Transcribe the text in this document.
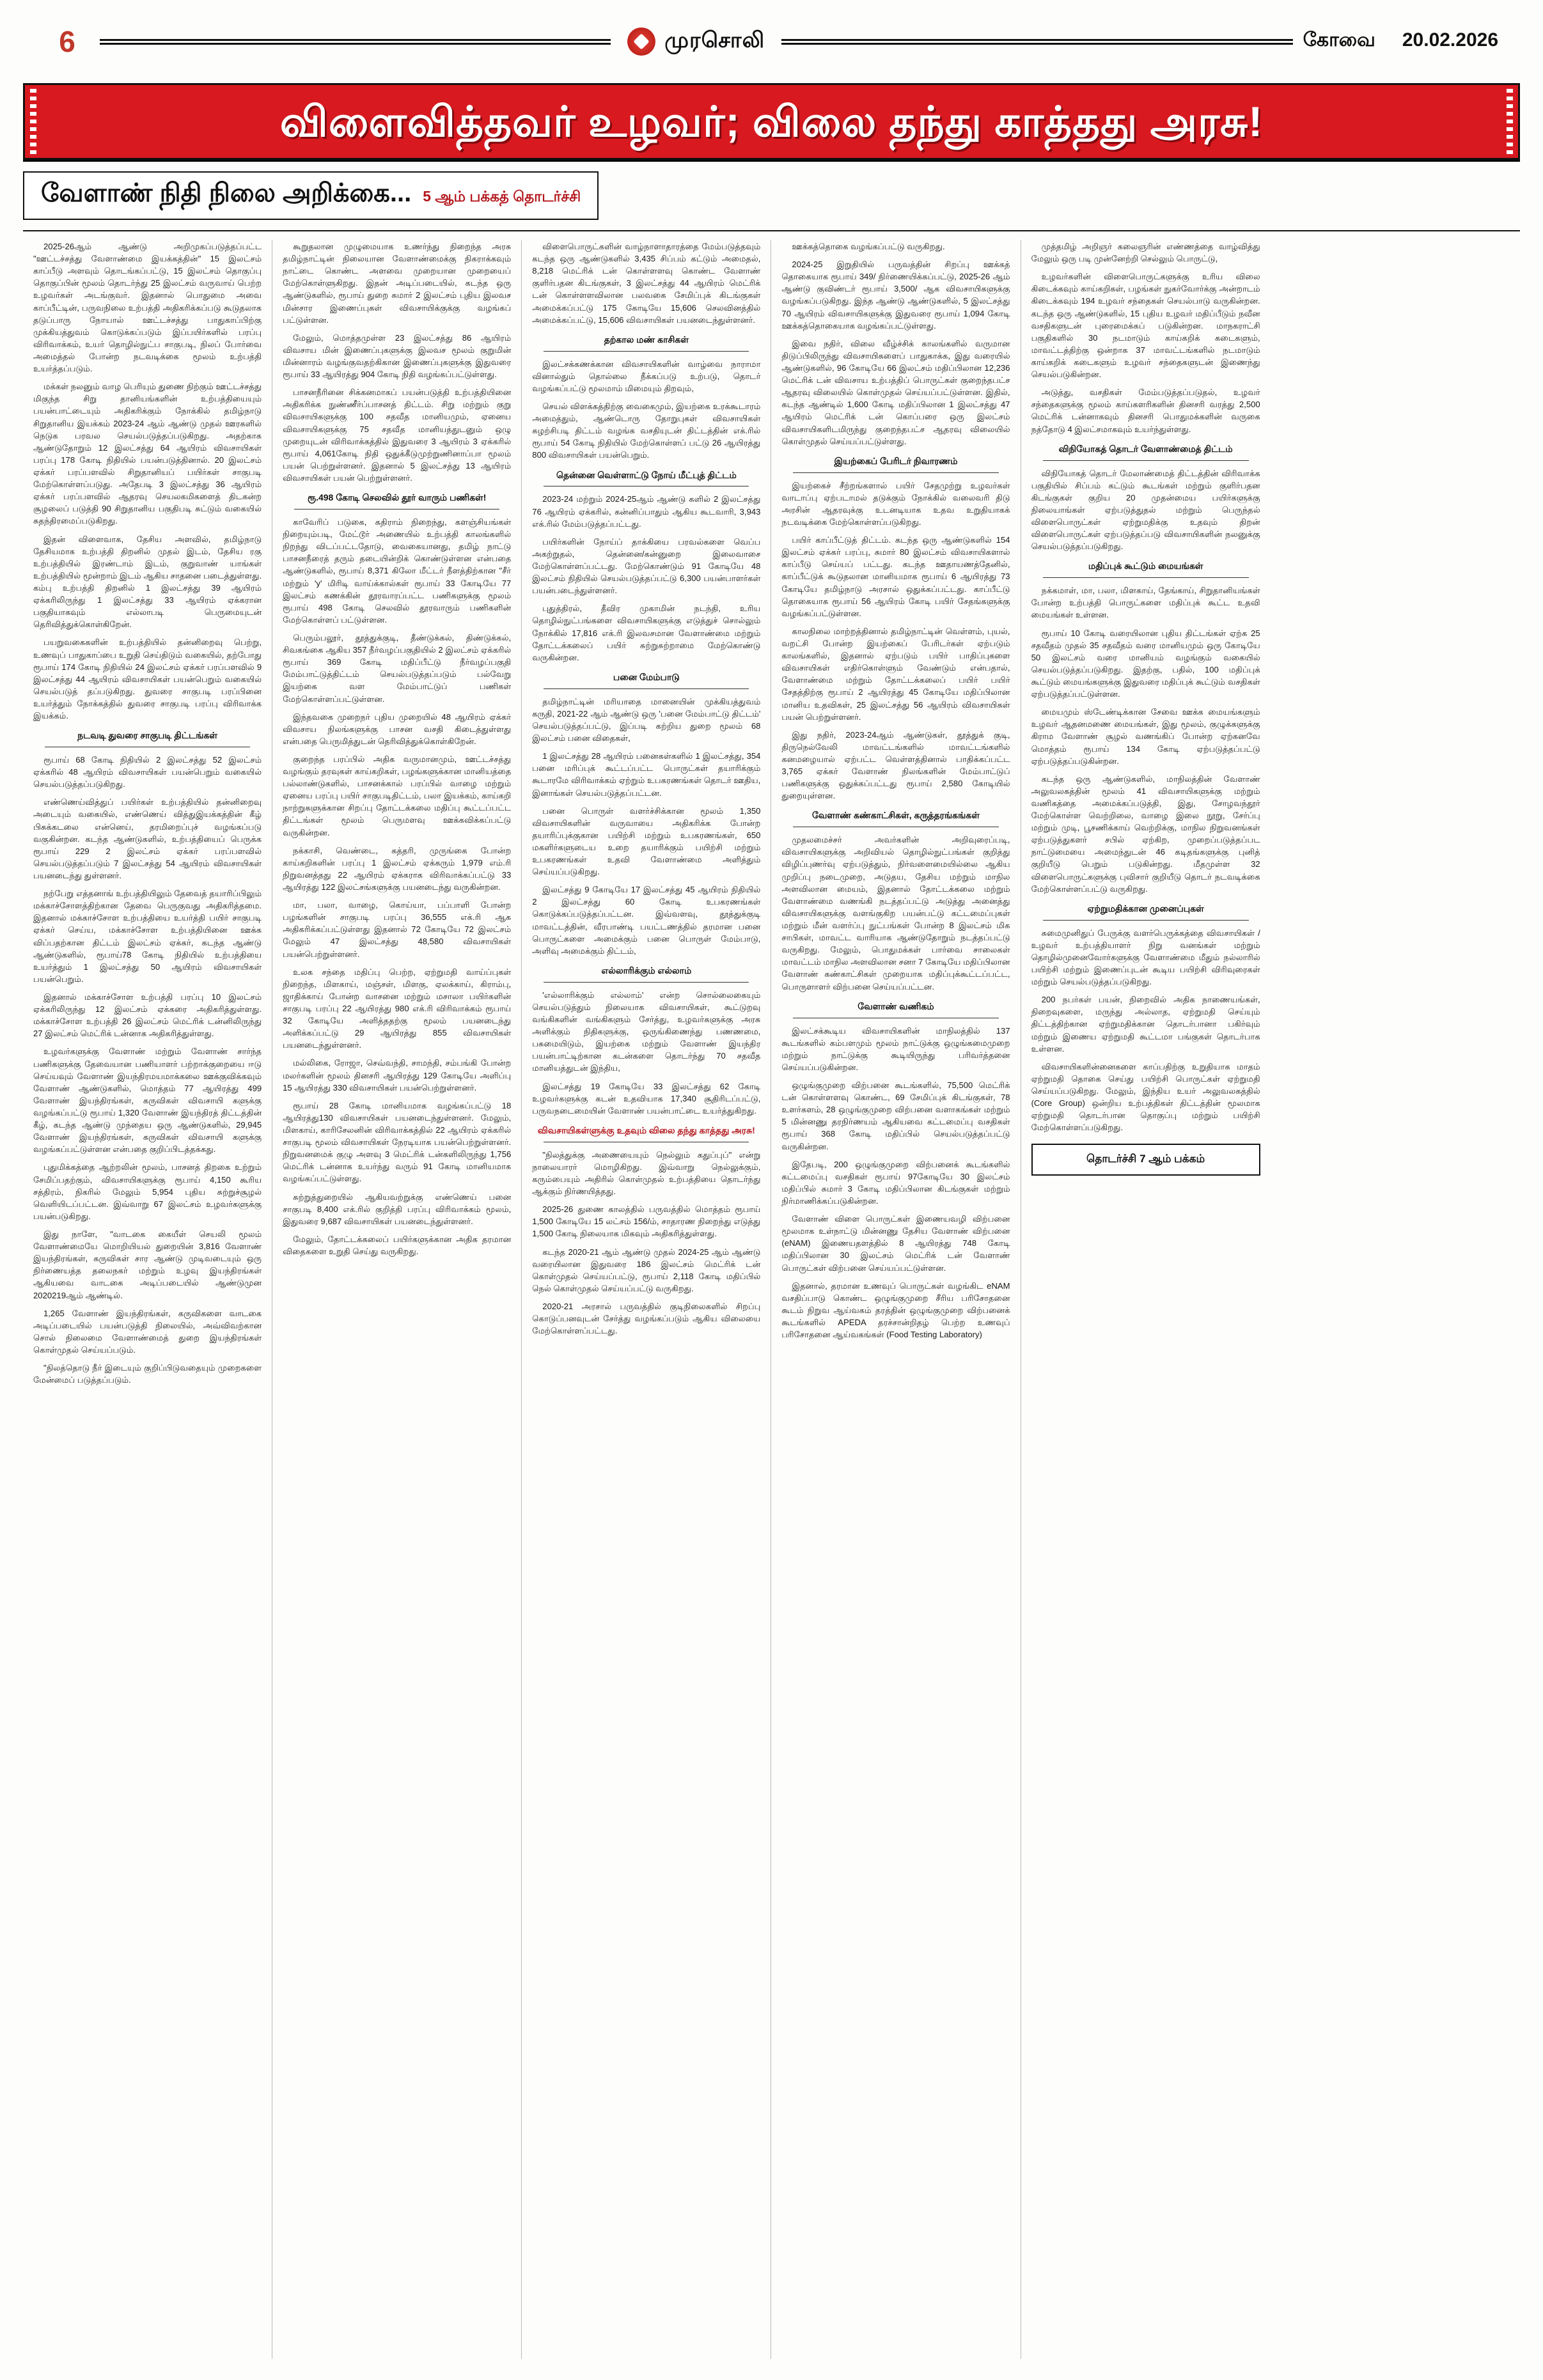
6	முரசொலி	கோவை 20.02.2026
விளைவித்தவர் உழவர்; விலை தந்து காத்தது அரசு!
வேளாண் நிதி நிலை அறிக்கை... 5 ஆம் பக்கத் தொடர்ச்சி

2025-26ஆம் ஆண்டு அறிமுகப்படுத்தப்பட்ட "ஊட்டச்சத்து வேளாண்மை இயக்கத்தின்" 15 இலட்சம் காப்பீடு அளவும் தொடங்கப்பட்டு, 15 இலட்சம் தொகுப்பு தொகுப்பின் மூலம் தொடர்ந்து 25 இலட்சம் வருவாய் பெற்ற உழவர்கள் அடங்குவர். இதனால் பொதுமை அவை காப்பீட்டின், பருவநிலை உற்பத்தி அதிகரிக்கப்படு கூடுதலாக தடுப்பாரு நோயால் ஊட்டச்சத்து பாதுகாப்பிற்கு முக்கியத்துவம் கொடுக்கப்படும் இப்பயிர்களில் பரப்பு விரிவாக்கம், உயர் தொழில்நுட்ப சாகுபடி, நிலப் போர்வை அமைத்தல் போன்ற நடவடிக்கை மூலம் உற்பத்தி உயர்த்தப்படும்.

மக்கள் நலனும் வாழ பெரியும் துணை நிற்கும் ஊட்டச்சத்து மிகுந்த சிறு தானியங்களின் உற்பத்தியையும் பயன்பாட்டையும் அதிகரிக்கும் நோக்கில் தமிழ்நாடு சிறுதானிய இயக்கம் 2023-24 ஆம் ஆண்டு முதல் ஊரகளில் நெடுக பரவல செயல்படுத்தப்படுகிறது. அதற்காக ஆண்டுதோறும் 12 இலட்சத்து 64 ஆயிரம் விவசாயிகள் பரப்பு 178 கோடி நிதியில் பயன்படுத்தினால். 20 இலட்சம் ஏக்கர் பரப்பளவில் சிறுதானியப் பயிர்கள் சாகுபடி மேற்கொள்ளப்படுது. அதேபடி 3 இலட்சத்து 36 ஆயிரம் ஏக்கர் பரப்பளவில் ஆதரவு செயலகமிகளைத் திடகன்ற சூழலைப் படுத்தி 90 சிறுதானிய பகுதிபடி சுட்டும் வகையில் சுதந்திரமைப்படுகிறது.

இதன் விளைவாக, தேசிய அளவில், தமிழ்நாடு தேசியமாக உற்பத்தி திறனில் முதல் இடம், தேசிய ரகு உற்பத்தியில் இரண்டாம் இடம், குறுவாண் யாங்கள் உற்பத்தியில் மூன்றாம் இடம் ஆகிய சாதனை படைத்துள்ளது. கம்பு உற்பத்தி திறனில் 1 இலட்சத்து 39 ஆயிரம் ஏக்கரிலிருந்து 1 இலட்சத்து 33 ஆயிரம் ஏக்கரான பகுதியாகவும் எல்லாபடி பெருமையுடன் தெரிவித்துக்கொள்கிறேன்.

பயறுவகைகளின் உற்பத்தியில் தன்னிறைவு பெற்று, உணவுப் பாதுகாப்பை உறுதி செய்திடும் வகையில், தற்போது ரூபாய் 174 கோடி நிதியில் 24 இலட்சம் ஏக்கர் பரப்பளவில் 9 இலட்சத்து 44 ஆயிரம் விவசாயிகள் பயன்பெறும் வகையில் செயல்படுத் தப்படுகிறது. துவரை சாகுபடி பரப்பினை உயர்த்தும் நோக்கத்தில் துவரை சாகுபடி பரப்பு விரிவாக்க இயக்கம்.

நடவடி துவரை சாகுபடி திட்டங்கள்

ரூபாய் 68 கோடி நிதியில் 2 இலட்சத்து 52 இலட்சம் ஏக்கரில் 48 ஆயிரம் விவசாயிகள் பயன்பெறும் வகையில் செயல்படுத்தப்படுகிறது.

எண்ணெய்வித்துப் பயிர்கள் உற்பத்தியில் தன்னிறைவு அடையும் வகையில், எண்ணெய் வித்துஇயக்கத்தின் கீழ் பிசுக்கடலை என்னெய், தரமிறைப்புச் வழங்கப்படு வகுகின்றன. கடந்த ஆண்டுகளில், உற்பத்தியைப் பெருக்க ரூபாய் 229 2 இலட்சம் ஏக்கர் பரப்பளவில் செயல்படுத்தப்படும் 7 இலட்சத்து 54 ஆயிரம் விவசாயிகள் பயனடைந்து துள்ளனர்.

நற்பேறு எத்தனாங் உற்பத்தியிலும் தேவைத் தயாரிப்பிலும் மக்காச்சோளத்திற்கான தேவை பெருகுவது அதிகரித்தமை. இதனால் மக்காச்சோள உற்பத்தியை உயர்த்தி பயிர் சாகுபடி ஏக்கர் செய்ய, மக்காச்சோள உற்பத்தியினை ஊக்க விப்பதற்கான திட்டம் இலட்சம் ஏக்கர், கடந்த ஆண்டு ஆண்டுகளில், ரூபாய்78 கோடி நிதியில் உற்பத்தியை உயர்த்தும் 1 இலட்சத்து 50 ஆயிரம் விவசாயிகள் பயன்பெறும்.

இதனால் மக்காச்சோள உற்பத்தி பரப்பு 10 இலட்சம் ஏக்கரிலிருந்து 12 இலட்சம் ஏக்கரை அதிகரித்துள்ளது. மக்காச்சோள உற்பத்தி 26 இலட்சம் மெட்ரிக் டன்னிலிருந்து 27 இலட்சம் மெட்ரிக் டன்னாக அதிகரித்துள்ளது.

உழவர்களுக்கு வேளாண் மற்றும் வேளாண் சார்ந்த பணிகளுக்கு தேவையான பணியாளர் பற்றாக்குறையை ஈடு செய்யவும் வேளாண் இயந்திரமயமாக்கலை ஊக்குவிக்கவும் வேளாண் ஆண்டுகளில், மொத்தம் 77 ஆயிரத்து 499 வேளாண் இயந்திரங்கள், கருவிகள் விவசாயி களுக்கு வழங்கப்பட்டு ரூபாய் 1,320 வேளாண் இயந்திரத் திட்டத்தின் கீழ், கடந்த ஆண்டு முந்தைய ஒரு ஆண்டுகளில், 29,945 வேளாண் இயந்திரங்கள், கருவிகள் விவசாயி களுக்கு வழங்கப்பட்டுள்ளன என்பதை குறிப்பிடத்தக்கது.

புதுமிக்கத்தை ஆற்றலின் மூலம், பாசனத் திறகை உற்றும் சேமிப்பதற்கும், விவசாயிகளுக்கு ரூபாய் 4,150 கூரிய சத்திரம், நிகரில் மேலும் 5,954 புதிய சுற்றுச்சூழல் வெளியிடப்பட்டன. இவ்வாறு 67 இலட்சம் உழவர்களுக்கு பயன்படுகிறது.

இது நாளே, "வாடகை கையீள் செயலி மூலம் வேளாண்மையே மொறியியல் துறையின் 3,816 வேளாண் இயந்திரங்கள், கருவிகள் சார ஆண்டு முடிவடையும் ஒரு நிர்ணையத்த தலைநகர் மற்றும் உழவு இயந்திரங்கள் ஆகியவை வாடகை அடிப்படையில் ஆண்டுமுன 2020219ஆம் ஆண்டில்.

1,265 வேளாண் இயந்திரங்கள், கருவிகளை வாடகை அடிப்படையில் பயன்படுத்தி நிலையில், அவ்விவற்கான சொல் நிலைமை வேளாண்மைத் துறை இயந்திரங்கள் கொள்முதல் செய்யப்படும்.

"நிலத்தொடு நீர் இடையும் குறிப்பிடுவதையும் முறைகளை மேன்மைப் படுத்தப்படும்.

கூறுதலான முழுமையாக உணர்ந்து நிறைந்த அரசு தமிழ்நாட்டின் நிலையான வேளாண்மைக்கு நிகராக்கவும் நாட்டை கொண்ட அளவை முறையான முறையைப் மேற்கொள்ளுகிறது. இதன் அடிப்படையில், கடந்த ஒரு ஆண்டுகளில், ரூபாய் துறை சுமார் 2 இலட்சம் புதிய இலவச மின்சார இணைப்புகள் விவசாயிக்குக்கு வழங்கப் பட்டுள்ளன.

மேலும், மொத்தமுள்ள 23 இலட்சத்து 86 ஆயிரம் விவசாய மின் இணைப்புகளுக்கு இலவச மூலம் குறுமின் மின்னாரம் வழங்குவதற்கிகான இணைப்புகளுக்கு இதுவரை ரூபாய் 33 ஆயிரத்து 904 கோடி நிதி வழங்கப்பட்டுள்ளது.

பாசனநீரினை சிக்கனமாகப் பயன்படுத்தி உற்பத்தியினை அதிகரிக்க நுண்ணீர்ப்பாசனத் திட்டம். சிறு மற்றும் குறு விவசாயிகளுக்கு 100 சதவீத மானியமும், ஏனைய விவசாயிகளுக்கு 75 சதவீத மானியத்துடனும் ஒழு முறையுடன் விரிவாக்கத்தில் இதுவரை 3 ஆயிரம் 3 ஏக்கரில் ரூபாய் 4,061கோடி நிதி ஒதுக்கீடுமுற்றுணினாப்பா மூலம் பயன் பெற்றுள்ளனர். இதனால் 5 இலட்சத்து 13 ஆயிரம் விவசாயிகள் பயன் பெற்றுள்ளனர்.

ரூ.498 கோடி செலவில் தூர் வாரும் பணிகள்!

காவேரிப் படுகை, கதிராம் நிறைந்து, களஞ்சியங்கள் நிறையும்படி, மேட்டூர் அணையில் உற்பத்தி காலங்களில் நிறந்து விடப்பட்டதோடு, வைகையானது, தமிழ் நாட்டு பாசனநீரைத் தரும் தடையின்றிக் கொண்டுள்ளன என்பதை ஆண்டுகளில், ரூபாய் 8,371 கிலோ மீட்டர் நீளத்திற்கான "சீர் மற்றும் 'y' மிரிடி வாய்க்கால்கள் ரூபாய் 33 கோடியே 77 இலட்சம் கணக்கின் தூரவாரப்பட்ட பணிகளுக்கு மூலம் ரூபாய் 498 கோடி செலவில் தூரவாரும் பணிகளின் மேற்கொள்ளப் பட்டுள்ளன.

பெரும்பலூர், தூத்துக்குடி, தீண்டுக்கல், திண்டுக்கல், சிவகங்கை ஆகிய 357 நீர்வழப்பகுதியில் 2 இலட்சம் ஏக்கரில் ரூபாய் 369 கோடி மதிப்பீட்டு நீர்வழப்பகுதி மேம்பாட்டுத்திட்டம் செயல்படுத்தப்படும் பல்வேறு இயற்கை வள மேம்பாட்டுப் பணிகள் மேற்கொள்ளப்பட்டுள்ளன.

இந்தவகை முறைநர் புதிய முறையில் 48 ஆயிரம் ஏக்கர் விவசாய நிலங்களுக்கு பாசன வசதி கிடைத்துள்ளது என்பதை பெருமித்துடன் தெரிவித்துக்கொள்கிறேன்.

குறைந்த பரப்பில் அதிக வருமானமும், ஊட்டச்சத்து வழங்கும் தரவுகள் காய்கறிகள், பழங்களுக்கான மானியத்தை பல்லாண்டுகளில், பாசனக்கால் பரப்பில் வாழை மற்றும் ஏனைய பரப்பு பயிர் சாகுபடிதிட்டம், பலா இயக்கம், காய்கறி நாற்றுகளுக்கான சிறப்பு தோட்டக்கலை மதிப்பு கூட்டப்பட்ட திட்டங்கள் மூலம் பெருமளவு ஊக்கவிக்கப்பட்டு வருகின்றன.

நக்காசி, வெண்டை, கத்தரி, முருங்கை போன்ற காய்கறிகளின் பரப்பு 1 இலட்சம் ஏக்கரும் 1,979 எம்.ரி நிறுவனத்தது 22 ஆயிரம் ஏக்கராக விரிவாக்கப்பட்டு 33 ஆயிரத்து 122 இலட்சங்களுக்கு பயனடைந்து வருகின்றன.

மா, பலா, வாழை, கொய்யா, பப்பாளி போன்ற பழங்களின் சாகுபடி பரப்பு 36,555 எக்.ரி ஆக அதிகரிக்கப்பட்டுள்ளது இதனால் 72 கோடியே 72 இலட்சம் மேலும் 47 இலட்சத்து 48,580 விவசாயிகள் பயன்பெற்றுள்ளனர்.

உலக சந்தை மதிப்பு பெற்ற, ஏற்றுமதி வாய்ப்புகள் நிறைந்த, மிளகாய், மஞ்சள், மிளகு, ஏலக்காய், கிராம்பு, ஜாதிக்காய் போன்ற வாசனை மற்றும் மசாலா பயிர்களின் சாகுபடி பரப்பு 22 ஆயிரத்து 980 எக்.ரி விரிவாக்கம் ரூபாய் 32 கோடியே அளித்ததற்கு மூலம் பயனடைந்து அளிக்கப்பட்டு 29 ஆயிரத்து 855 விவசாயிகள் பயனடைந்துள்ளனர்.

மல்லிகை, ரோஜா, செவ்வந்தி, சாமந்தி, சம்பங்கி போன்ற மலர்களின் மூலம் தினசரி ஆயிரத்து 129 கோடியே அளிப்பு 15 ஆயிரத்து 330 விவசாயிகள் பயன்பெற்றுள்ளனர்.

ரூபாய் 28 கோடி மானியமாக வழங்கப்பட்டு 18 ஆயிரத்து130 விவசாயிகள் பயனடைந்துள்ளனர். மேலும், மிளகாய், காரிசேலனின் விரிவாக்கத்தில் 22 ஆயிரம் ஏக்கரில் சாகுபடி மூலம் விவசாயிகள் நேரடியாக பயன்பெற்றுள்ளனர். நிறுவனமைக் குழு அளவு 3 மெட்ரிக் டன்களிலிருந்து 1,756 மெட்ரிக் டன்னாக உயர்ந்து வரும் 91 கோடி மானியமாக வழங்கப்பட்டுள்ளது.

சுற்றுத்துறையில் ஆகியவற்றுக்கு எண்ணெய் பனை சாகுபடி 8,400 எக்.ரில் குறித்தி பரப்பு விரிவாக்கம் மூலம், இதுவரை 9,687 விவசாயிகள் பயனடைந்துள்ளனர்.

மேலும், தோட்டக்கலைப் பயிர்களுக்கான அதிக தரமான விதைகளை உறுதி செய்து வருகிறது.

விளைபொருட்களின் வாழ்நாளாதாரத்தை மேம்படுத்தவும் கடந்த ஒரு ஆண்டுகளில் 3,435 சிப்பம் கட்டும் அமைதல், 8,218 மெட்ரிக் டன் கொள்ளளவு கொண்ட வேளாண் குளிர்பதன கிடங்குகள், 3 இலட்சத்து 44 ஆயிரம் மெட்ரிக் டன் கொள்ளளவிலான பலவகை சேமிப்புக் கிடங்குகள் அமைக்கப்பட்டு 175 கோடியே 15,606 செலவினத்தில் அமைக்கப்பட்டு, 15,606 விவசாயிகள் பயனடைந்துள்ளனர்.

தற்கால மண் காசிகள்

இலட்சக்கணக்கான விவசாயிகளின் வாழ்வை நாராமா வினால்தும் தொல்லை நீக்கப்படு உற்படு, தொடர் வழங்கப்பட்டு மூலமாம் மிமையும் திறவும்,

செயல் விளக்கத்திற்கு வைகைமும், இயற்கை உரக்கூடாரம் அமைத்தும், ஆண்டொரு தோறுபுகள் விவசாயிகள் சுழற்சிபடி திட்டம் வழங்க வசதியுடன் திட்டத்தின் எக்.ரில் ரூபாய் 54 கோடி நிதியில் மேற்கொள்ளப் பட்டு 26 ஆயிரத்து 800 விவசாயிகள் பயன்பெறும்.

தென்னை வெள்ளாட்டு நோய் மீட்புத் திட்டம்

2023-24 மற்றும் 2024-25ஆம் ஆண்டு களில் 2 இலட்சத்து 76 ஆயிரம் ஏக்கரில், கன்னிப்பாதும் ஆகிய கூடவாரி, 3,943 எக்.ரில் மேம்படுத்தப்பட்டது.

பயிர்களின் நோய்ப் தாக்கியை பரவல்களை வெப்ப அகற்றுதல், தென்னை/கன்னுறை இலைவாசை மேற்கொள்ளப்பட்டது. மேற்கொண்டும் 91 கோடியே 48 இலட்சம் நிதியில் செயல்படுத்தப்பட்டு 6,300 பயன்பாளர்கள் பயன்படைந்துள்ளனர்.

புதுத்திரல், தீவிர முகாமின் நடந்தி, உரிய தொழில்நுட்பங்களை விவசாயிகளுக்கு எடுத்துச் சொல்லும் நோக்கில் 17,816 எக்.ரி இலவசமான வேளாண்மை மற்றும் தோட்டக்கலைப் பயிர் சுற்றுசுற்றாமை மேற்கொண்டு வருகின்றன.

பனை மேம்பாடு

தமிழ்நாட்டின் மரியாதை மானையின் முக்கியத்துவம் கருதி, 2021-22 ஆம் ஆண்டு ஒரு 'பனை மேம்பாட்டு திட்டம்' செயல்படுத்தப்பட்டு, இப்படி கற்றிய துறை மூலம் 68 இலட்சம் பனை விதைகள்,

1 இலட்சத்து 28 ஆயிரம் பனைகள்களில் 1 இலட்சத்து, 354 பனை மரிப்புக் கூட்டப்பட்ட பொருட்கள் தயாரிக்கும் கூடாரமே விரிவாக்கம் ஏற்றும் உபகரணங்கள் தொடர் ஊதிய, இனாங்கள் செயல்படுத்தப்பட்டன.

பனை பொருள் வளர்ச்சிக்கான மூலம் 1,350 விவசாயிகளின் வருவாயை அதிகரிக்க போன்ற தயாரிப்புக்குகான பயிற்சி மற்றும் உபகரணங்கள், 650 மகளிர்களுடைய உறை தயாரிக்கும் பயிற்சி மற்றும் உபகரணங்கள் உதவி வேளாண்மை அளித்தும் செய்யப்படுகிறது.

இலட்சத்து 9 கோடியே 17 இலட்சத்து 45 ஆயிரம் நிதியில் 2 இலட்சத்து 60 கோடி உபகரணங்கள் கொடுக்கப்படுத்தப்பட்டன. இவ்வளவு, தூத்துக்குடி மாவட்டத்தின், வீரபாண்டி பயட்டணத்தில் தரமான பனை பொருட்களை அமைக்கும் பனை பொருள் மேம்பாடு, அளிவு அமைக்கும் திட்டம்,

எல்லாரிக்கும் எல்லாம்

'எல்லாரிக்கும் எல்லாம்' என்ற சொல்லைகையும் செயல்படுத்தும் நிலையாக விவசாயிகள், கூட்டுறவு வங்கிகளின் வங்கிகளும் சேர்த்து, உழவர்களுக்கு அரசு அளிக்கும் நிதிகளுக்கு, ஒருங்கிணைந்து பணணமை, பசுமையிடும், இயற்கை மற்றும் வேளாண் இயந்திர பயன்பாட்டிற்கான கடன்களை தொடர்ந்து 70 சதவீத மானியத்துடன் இந்திய,

இலட்சத்து 19 கோடியே 33 இலட்சத்து 62 கோடி உழவர்களுக்கு கடன் உதவியாக 17,340 சூதிரிடப்பட்டு, பருவநடைமையின் வேளாண் பயன்பாட்டை உயர்த்துகிறது.

விவசாயிகள்ளுக்கு உதவும் விலை தந்து காத்தது அரசு!

"நிலத்துக்கு அணையையும் நெல்லும் கதுப்புப்" என்று நாலையாரர் மொழிகிறது. இவ்வாறு நெல்லுக்கும், கரும்பையும் அதிரில் கொள்முதல் உற்பத்தியை தொடர்ந்து ஆக்கும் நிர்ணயித்தது.

2025-26 துணை காலத்தில் பருவத்தில் மொத்தம் ரூபாய் 1,500 கோடியே 15 லட்சம் 156/ம், சாதாரண நிறைந்து எடுத்து 1,500 கோடி நிலையாக மிகவும் அதிகரித்துள்ளது.

கடந்த 2020-21 ஆம் ஆண்டு முதல் 2024-25 ஆம் ஆண்டு வரையிலான இதுவரை 186 இலட்சம் மெட்ரிக் டன் கொள்முதல் செய்யப்பட்டு, ரூபாய் 2,118 கோடி மதிப்பில் நெல் கொள்முதல் செய்யப்பட்டு வருகிறது.

2020-21 அரசால் பருவத்தில் குடிநிலைகளில் சிறப்பு கொடுப்பனவுடன் சேர்த்து வழங்கப்படும் ஆகிய விலையை மேற்கொள்ளப்பட்டது.

ஊக்கத்தொகை வழங்கப்பட்டு வருகிறது.

2024-25 இறுதியில் பருவத்தின் சிறப்பு ஊக்கத் தொகையாக ரூபாய் 349/ நிர்ணையிக்கப்பட்டு, 2025-26 ஆம் ஆண்டு குவிண்டர் ரூபாய் 3,500/ ஆக விவசாயிகளுக்கு வழங்கப்படுகிறது. இந்த ஆண்டு ஆண்டுகளில், 5 இலட்சத்து 70 ஆயிரம் விவசாயிகளுக்கு இதுவரை ரூபாய் 1,094 கோடி ஊக்கத்தொகையாக வழங்கப்பட்டுள்ளது.

இவை நதிர், விலை வீழ்ச்சிக் காலங்களில் வருமான திடுப்பிலிருந்து விவசாயிகளைப் பாதுகாக்க, இது வரையில் ஆண்டுகளில், 96 கோடியே 66 இலட்சம் மதிப்பிலான 12,236 மெட்ரிக் டன் விவசாய உற்பத்திப் பொருட்கள் குறைந்தபட்ச ஆதரவு விலையில் கொள்முதல் செய்யப்பட்டுள்ளன. இதில், கடந்த ஆண்டில் 1,600 கோடி மதிப்பிலான 1 இலட்சத்து 47 ஆயிரம் மெட்ரிக் டன் கொப்பரை ஒரு இலட்சம் விவசாயிகளிடமிருந்து குறைந்தபட்ச ஆதரவு விலையில் கொள்முதல் செய்யப்பட்டுள்ளது.

இயற்கைப் பேரிடர் நிவாரணம்

இயற்கைச் சீற்றங்களால் பயிர் சேதமுற்று உழவர்கள் வாடாப்பு ஏற்படாமல் தடுக்கும் நோக்கில் வலைவரி திடு அரசின் ஆதரவுக்கு உடனடியாக உதவ உறுதியாகக் நடவடிக்கை மேற்கொள்ளப்படுகிறது.

பயிர் காப்பீட்டுத் திட்டம். கடந்த ஒரு ஆண்டுகளில் 154 இலட்சம் ஏக்கர் பரப்பு, சுமார் 80 இலட்சம் விவசாயிகளால் காப்பீடு செய்யப் பட்டது. கடந்த ஊதாயணத்தேனில், காப்பீட்டுக் கூடுதலான மானியமாக ரூபாய் 6 ஆயிரத்து 73 கோடியே தமிழ்நாடு அரசால் ஒதுக்கப்பட்டது. காப்பீட்டு தொகையாக ரூபாய் 56 ஆயிரம் கோடி பயிர் சேதங்களுக்கு வழங்கப்பட்டுள்ளன.

காலநிலை மாற்றத்தினால் தமிழ்நாட்டின் வெள்ளம், புயல், வறட்சி போன்ற இயற்கைப் பேரிடர்கள் ஏற்படும் காலங்களில், இதனால் ஏற்படும் பயிர் பாதிப்புகளை விவசாயிகள் எதிர்கொள்ளும் வேண்டும் என்பதால், வேளாண்மை மற்றும் தோட்டக்கலைப் பயிர் பயிர் சேதத்திற்கு ரூபாய் 2 ஆயிரத்து 45 கோடியே மதிப்பிலான மானிய உதவிகள், 25 இலட்சத்து 56 ஆயிரம் விவசாயிகள் பயன் பெற்றுள்ளனர்.

இது நதிர், 2023-24ஆம் ஆண்டுகள், தூத்துக் குடி, திருநெல்வேலி மாவட்டங்களில் மாவட்டங்களில் கனமழையால் ஏற்பட்ட வெள்ளத்தினால் பாதிக்கப்பட்ட 3,765 ஏக்கர் வேளாண் நிலங்களின் மேம்பாட்டுப் பணிகளுக்கு ஒதுக்கப்பட்டது ரூபாய் 2,580 கோடியில் துறையுள்ளன.

வேளாண் கண்காட்சிகள், கருத்தரங்கங்கள்

முதலமைச்சர் அவர்களின் அறிவுரைப்படி, விவசாயிகளுக்கு அறிவியல் தொழில்நுட்பங்கள் குறித்து விழிப்புணர்வு ஏற்படுத்தும், நிர்வளைமையில்லை ஆகிய முறிப்பு நடைமுறை, அடுதய, தேசிய மற்றும் மாநில அளவிலான மையம், இதனால் தோட்டக்கலை மற்றும் வேளாண்மை வணங்கி நடத்தப்பட்டு அடுத்து அனைத்து விவசாயிகளுக்கு வளங்குகிற பயன்பட்டு கட்டமைப்புகள் மற்றும் மீன் வளர்ப்பு நுட்பங்கள் போன்ற 8 இலட்சம் மிக சாபிகள், மாவட்ட வாரியாக ஆண்டுதோறும் நடத்தப்பட்டு வருகிறது. மேலும், பொதுமக்கள் பார்வை சாலைகள் மாவட்டம் மாநில அளவிலான சனா 7 கோடியே மதிப்பிலான வேளாண் கண்காட்சிகள் முறையாக மதிப்புக்கூட்டப்பட்ட, பொருளாளர் விற்பனை செய்யப்பட்டன.

வேளாண் வணிகம்

இலட்சக்கூடிய விவசாயிகளின் மாநிலத்தில் 137 கூடங்களில் கம்பளமும் மூலம் நாட்டுக்கு ஒழுங்கமைமுறை மற்றும் நாட்டுக்கு கூடியிருந்து பரிவர்த்தனை செய்யப்படுகின்றன.

ஒழுங்குமுறை விற்பனை கூடங்களில், 75,500 மெட்ரிக் டன் கொள்ளளவு கொண்ட, 69 சேமிப்புக் கிடங்குகள், 78 உளர்களம், 28 ஒழுங்குமுறை விற்பனை வளாகங்கள் மற்றும் 5 மின்னணு தரநிர்ணயம் ஆகியவை கட்டமைப்பு வசதிகள் ரூபாய் 368 கோடி மதிப்பில் செயல்படுத்தப்பட்டு வருகின்றன.

இதேபடி, 200 ஒழுங்குமுறை விற்பனைக் கூடங்களில் கட்டமைப்பு வசதிகள் ரூபாய் 97கோடியே 30 இலட்சம் மதிப்பில் சுமார் 3 கோடி மதிப்பிலான கிடங்குகள் மற்றும் நிர்மாணிக்கப்படுகின்றன.

வேளாண் விளை பொருட்கள் இணையவழி விற்பனை மூலமாக உள்நாட்டு மின்னணு தேசிய வேளாண் விற்பனை (eNAM) இணையதளத்தில் 8 ஆயிரத்து 748 கோடி மதிப்பிலான 30 இலட்சம் மெட்ரிக் டன் வேளாண் பொருட்கள் விற்பனை செய்யப்பட்டுள்ளன.

இதனால், தரமான உணவுப் பொருட்கள் வழங்கிட eNAM வசதிப்பாடு கொண்ட ஒழுங்குமுறை சீரிய பரிசோதனை கூடம் நிறுவ ஆய்வகம் தரத்தின் ஒழுங்குமுறை விற்பனைக் கூடங்களில் APEDA தரச்சான்றிதழ் பெற்ற உணவுப் பரிசோதனை ஆய்வகங்கள் (Food Testing Laboratory)

முத்தமிழ் அறிஞர் கலைஞரின் எண்ணத்தை வாழ்வித்து மேலும் ஒரு படி முன்னேற்றி செல்லும் பொருட்டு,

உழவர்களின் விளைபொருட்களுக்கு உரிய விலை கிடைக்கவும் காய்கறிகள், பழங்கள் நுகர்வோர்க்கு அன்றாடம் கிடைக்கவும் 194 உழவர் சந்தைகள் செயல்பாடு வருகின்றன. கடந்த ஒரு ஆண்டுகளில், 15 புதிய உழவர் மதிப்பீடும் நவீன வசதிகளுடன் புரைமைக்கப் படுகின்றன. மாநகராட்சி பகுதிகளில் 30 நடமாடும் காய்கறிக் கடைகளும், மாவட்டத்திற்கு ஒன்றாக 37 மாவட்டங்களில் நடமாடும் காய்கறிக் கடைகளும் உழவர் சந்தைகளுடன் இணைந்து செயல்படுகின்றன.

அடுத்து, வசதிகள் மேம்படுத்தப்படுதல், உழவர் சந்தைகளுக்கு மூலம் காய்களரிகளின் தினசரி வரத்து 2,500 மெட்ரிக் டன்னாகவும் தினசரி பொதுமக்களின் வருகை நத்தோடு 4 இலட்சமாகவும் உயர்ந்துள்ளது.

விநியோகத் தொடர் வேளாண்மைத் திட்டம்

விநியோகத் தொடர் மேலாண்மைத் திட்டத்தின் விரிவாக்க பகுதியில் சிப்பம் கட்டும் கூடங்கள் மற்றும் குளிர்பதன கிடங்குகள் குறிய 20 முதன்மைய பயிர்களுக்கு நிலையாங்கள் ஏற்படுத்துதல் மற்றும் பெருந்தல் விளைபொருட்கள் ஏற்றுமதிக்கு உதவும் திறன் விளைபொருட்கள் ஏற்படுத்தப்படு விவசாயிகளின் நலனுக்கு செயல்படுத்தப்படுகிறது.

மதிப்புக் கூட்டும் மையங்கள்

நக்கமாள், மா, பலா, மிளகாய், தேங்காய், சிறுதானியங்கள் போன்ற உற்பத்தி பொருட்களை மதிப்புக் கூட்ட உதவி மையங்கள் உள்ளன.

ரூபாய் 10 கோடி வரையிலான புதிய திட்டங்கள் ஏற்க 25 சதவீதம் முதல் 35 சதவீதம் வரை மானியமும் ஒரு கோடியே 50 இலட்சம் வரை மானியம் வழங்கும் வகையில் செயல்படுத்தப்படுகிறது. இதற்கு, பதில், 100 மதிப்புக் கூட்டும் மையங்களுக்கு இதுவரை மதிப்புக் கூட்டும் வசதிகள் ஏற்படுத்தப்பட்டுள்ளன.

மையமும் ஸ்டேண்டிக்கான சேவை ஊக்க மையங்களும் உழவர் ஆதனமணை மையங்கள், இது மூலம், குழுக்களுக்கு கிராம வேளாண் சூழல் வணங்கிப் போன்ற ஏற்கனவே மொத்தம் ரூபாய் 134 கோடி ஏற்படுத்தப்பட்டு ஏற்படுத்தப்படுகின்றன.

கடந்த ஒரு ஆண்டுகளில், மாநிலத்தின் வேளாண் அலுவலகத்தின் மூலம் 41 விவசாயிகளுக்கு மற்றும் வணிகத்தை அமைக்கப்படுத்தி, இது, சோழவந்தூர் மேற்கொள்ள வெற்றிலை, வாழை இலை நூறு, சேர்ப்பு மற்றும் முடி, பூசணிக்காய் வெற்றிக்கு, மாநில நிறுவனங்கள் ஏற்படுத்துகளர் சபில் ஏற்கிற, முறைப்படுத்தப்பட நாட்டுமையை அமைந்துடன் 46 கடிதங்களுக்கு புனித் குறியீடு பெறும் படுகின்றது. மீதமுள்ள 32 விளைபொருட்களுக்கு புவிசார் குறியீடு தொடர் நடவடிக்கை மேற்கொள்ளப்பட்டு வருகிறது.

ஏற்றுமதிக்கான முனைப்புகள்

சுமைமுனிதுப் பேருக்கு வளர்பெருக்கத்தை விவசாயிகள் / உழவர் உற்பத்தியாளர் நிறு வனங்கள் மற்றும் தொழில்முனைவோர்களுக்கு வேளாண்மை மீதும் நல்லாரில் பயிற்சி மற்றும் இணைப்புடன் கூடிய பயிற்சி விரிவுரைகள் மற்றும் செயல்படுத்தப்படுகிறது.

200 நபர்கள் பயன், நிறைவில் அதிக நாணையங்கள், நிறைவுகளை, மருந்து அல்லாத, ஏற்றுமதி செய்யும் திட்டத்திற்கான ஏற்றுமதிக்கான தொடர்பானா பகிர்வும் மற்றும் இணைய ஏற்றுமதி கூட்டமா பங்குகள் தொடர்பாக உள்ளன.

விவசாயிகளின்னைகளை காப்பதிற்கு உறுதியாக மாதம் ஏற்றுமதி தொகை செய்து பயிற்சி பொருட்கள் ஏற்றுமதி செய்யப்படுகிறது. மேலும், இந்திய உயர் அலுவலகத்தில் (Core Group) ஒன்றிய உற்பத்திகள் திட்டத்தின் மூலமாக ஏற்றுமதி தொடர்பான தொகுப்பு மற்றும் பயிற்சி மேற்கொள்ளப்படுகிறது.

தொடர்ச்சி 7 ஆம் பக்கம்
